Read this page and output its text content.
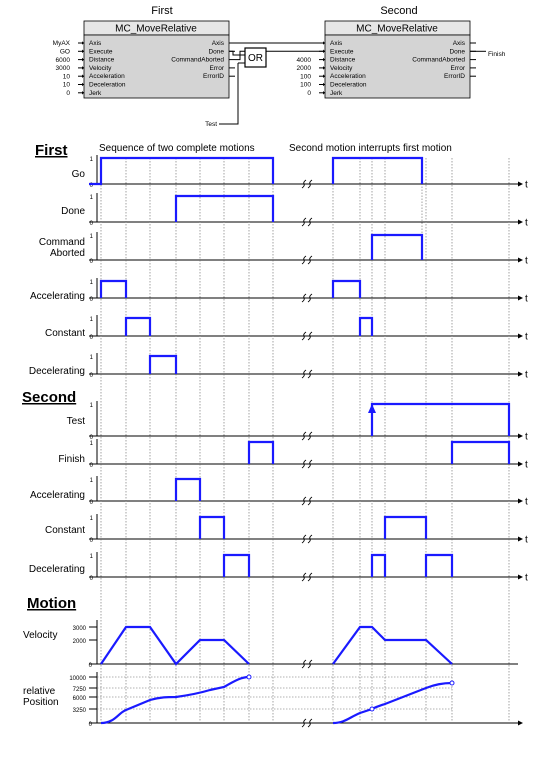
First
MC_MoveRelative
Axis
MyAX
Execute
GO
Distance
6000
Velocity
3000
Acceleration
10
Deceleration
10
Jerk
0
Axis
Done
CommandAborted
Error
ErrorID
Second
MC_MoveRelative
Axis
Execute
Distance
4000
Velocity
2000
Acceleration
100
Deceleration
100
Jerk
0
Axis
Done
CommandAborted
Error
ErrorID
OR
Test
Finish
Sequence of two complete motions	Second motion interrupts first motion
First
Second
Motion
t
1
0
Go
t
1
0
Done
t
1
0
Command Aborted
t
1
0
Accelerating
t
1
0
Constant
t
1
0
Decelerating
t
1
0
Test
t
1
0
Finish
t
1
0
Accelerating
t
1
0
Constant
t
1
0
Decelerating
Velocity
3000
2000
0
relative Position
10000
7250
6000
3250
0
